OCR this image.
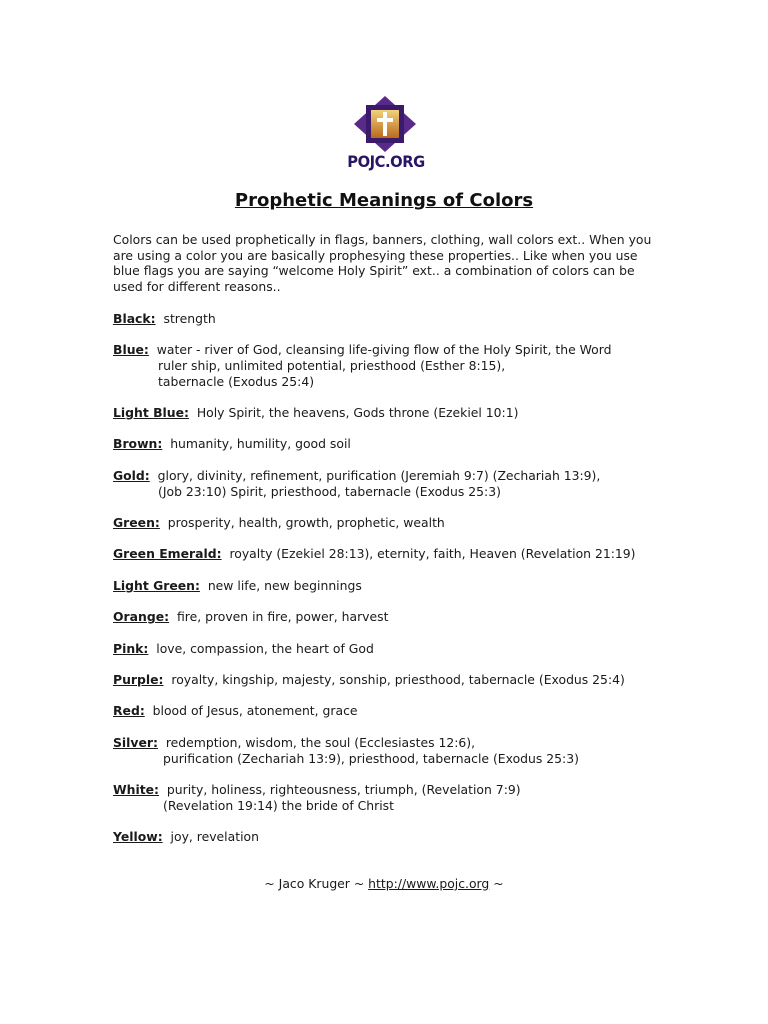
POJC.ORG
Prophetic Meanings of Colors
Colors can be used prophetically in flags, banners, clothing, wall colors ext.. When you are using a color you are basically prophesying these properties.. Like when you use blue flags you are saying “welcome Holy Spirit” ext.. a combination of colors can be used for different reasons..
Black: strength
Blue: water - river of God, cleansing life-giving flow of the Holy Spirit, the Word
ruler ship, unlimited potential, priesthood (Esther 8:15),
tabernacle (Exodus 25:4)
Light Blue: Holy Spirit, the heavens, Gods throne (Ezekiel 10:1)
Brown: humanity, humility, good soil
Gold: glory, divinity, refinement, purification (Jeremiah 9:7) (Zechariah 13:9),
(Job 23:10) Spirit, priesthood, tabernacle (Exodus 25:3)
Green: prosperity, health, growth, prophetic, wealth
Green Emerald: royalty (Ezekiel 28:13), eternity, faith, Heaven (Revelation 21:19)
Light Green: new life, new beginnings
Orange: fire, proven in fire, power, harvest
Pink: love, compassion, the heart of God
Purple: royalty, kingship, majesty, sonship, priesthood, tabernacle (Exodus 25:4)
Red: blood of Jesus, atonement, grace
Silver: redemption, wisdom, the soul (Ecclesiastes 12:6),
purification (Zechariah 13:9), priesthood, tabernacle (Exodus 25:3)
White: purity, holiness, righteousness, triumph, (Revelation 7:9)
(Revelation 19:14) the bride of Christ
Yellow: joy, revelation
~ Jaco Kruger ~ http://www.pojc.org ~
